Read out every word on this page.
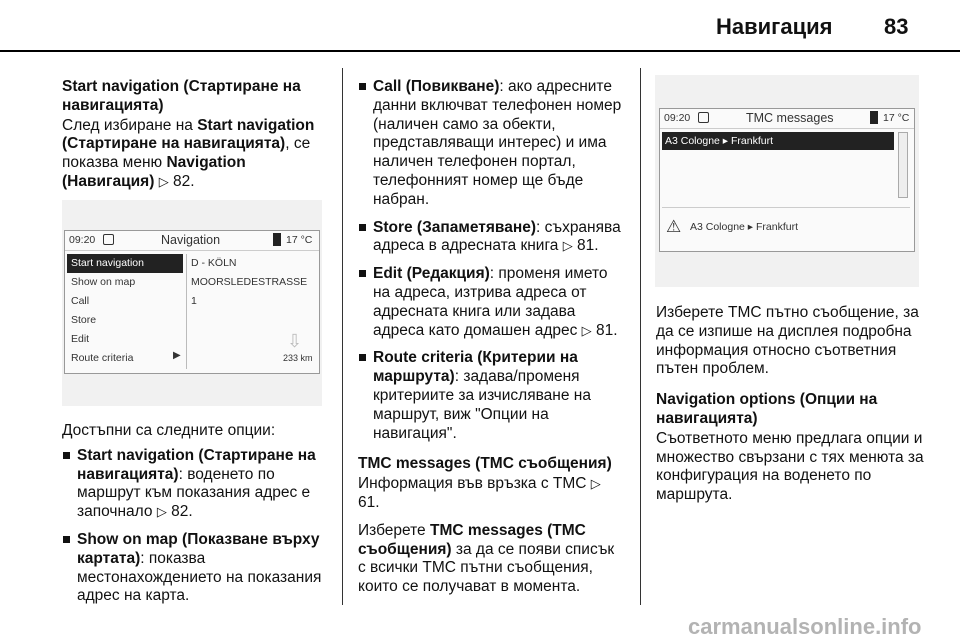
Навигация 83

Start navigation (Стартиране на навигацията)

След избиране на Start navigation (Стартиране на навигацията), се показва меню Navigation (Навигация) ▷ 82.

09:20	Navigation	17 °C
Start navigation
Show on map
Call
Store
Edit
Route criteria	▶
D - KÖLN
MOORSLEDESTRASSE
1
⇩
233 km

Достъпни са следните опции:

Start navigation (Стартиране на навигацията): воденето по маршрут към показания адрес е започнало ▷ 82.
Show on map (Показване върху картата): показва местонахождението на показания адрес на карта.
Call (Повикване): ако адресните данни включват телефонен номер (наличен само за обекти, представляващи интерес) и има наличен телефонен портал, телефонният номер ще бъде набран.
Store (Запаметяване): съхранява адреса в адресната книга ▷ 81.
Edit (Редакция): променя името на адреса, изтрива адреса от адресната книга или задава адреса като домашен адрес ▷ 81.
Route criteria (Критерии на маршрута): задава/променя критериите за изчисляване на маршрут, виж "Опции на навигация".

TMC messages (TMC съобщения)

Информация във връзка с TMC ▷ 61.

Изберете TMC messages (TMC съобщения) за да се появи списък с всички TMC пътни съобщения, които се получават в момента.

09:20	TMC messages	17 °C
A3 Cologne ▸ Frankfurt
⚠ A3 Cologne ▸ Frankfurt

Изберете TMC пътно съобщение, за да се изпише на дисплея подробна информация относно съответния пътен проблем.

Navigation options (Опции на навигацията)

Съответното меню предлага опции и множество свързани с тях менюта за конфигурация на воденето по маршрута.

carmanualsonline.info
